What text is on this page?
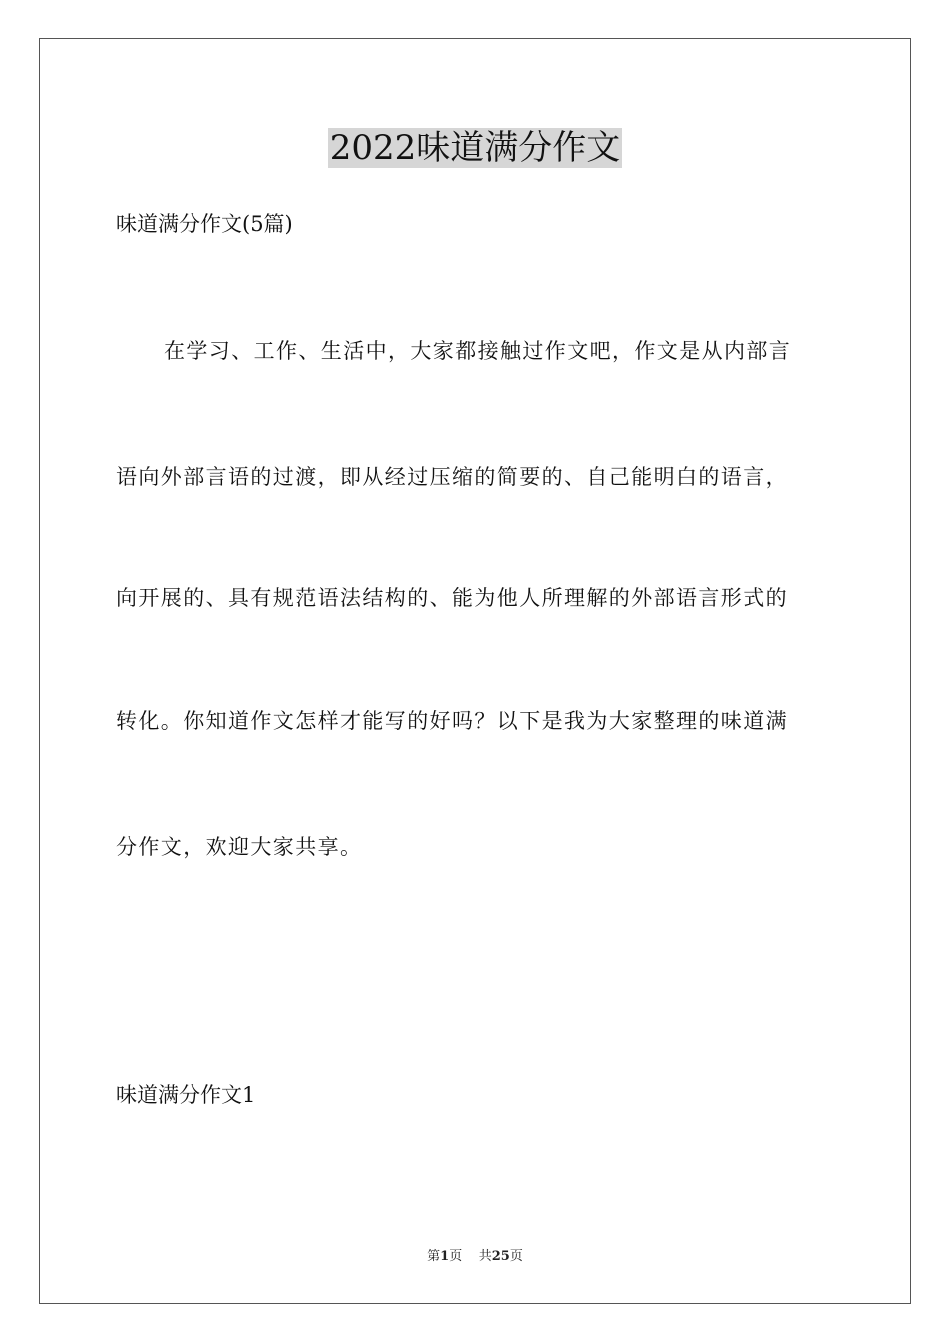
2022味道满分作文

味道满分作文(5篇)

在学习、工作、生活中，大家都接触过作文吧，作文是从内部言

语向外部言语的过渡，即从经过压缩的简要的、自己能明白的语言，

向开展的、具有规范语法结构的、能为他人所理解的外部语言形式的

转化。你知道作文怎样才能写的好吗？以下是我为大家整理的味道满

分作文，欢迎大家共享。

味道满分作文1

第1页 共25页
